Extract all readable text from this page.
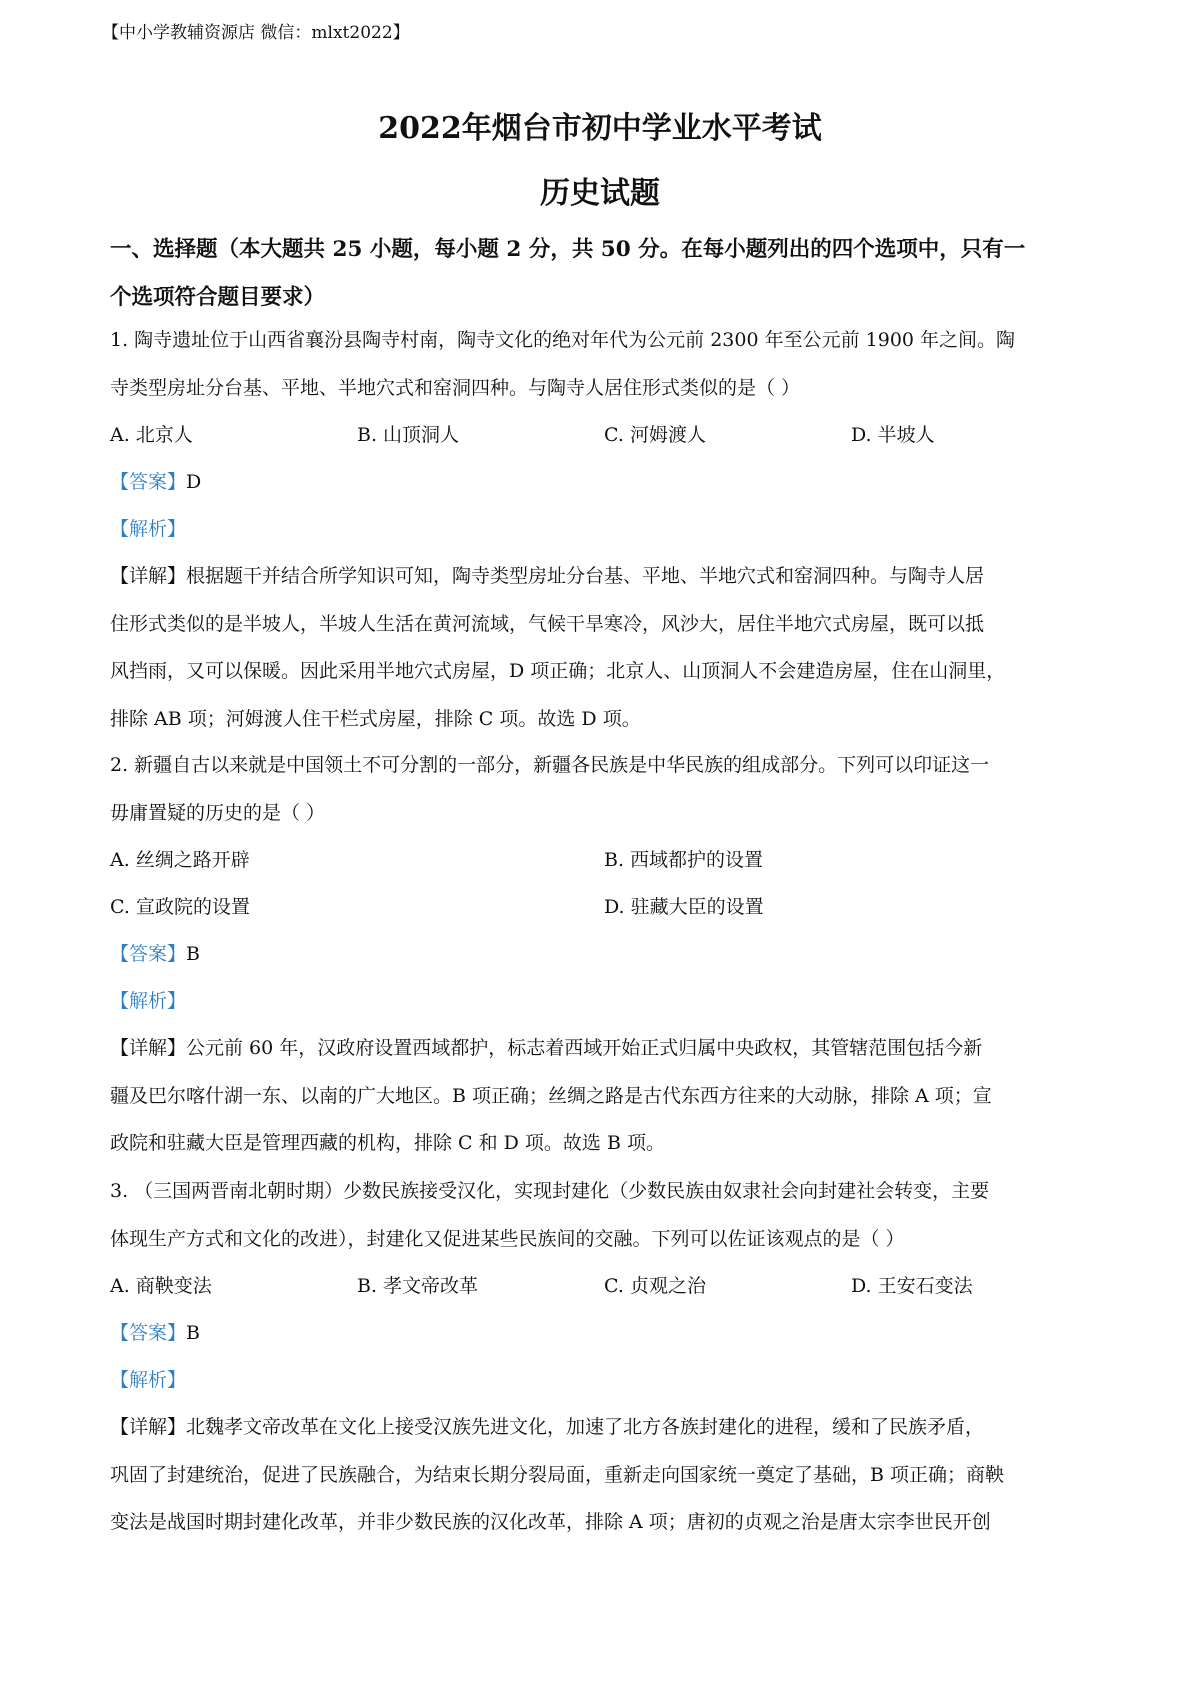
【中小学教辅资源店 微信：mlxt2022】
2022年烟台市初中学业水平考试
历史试题
一、选择题（本大题共 25 小题，每小题 2 分，共 50 分。在每小题列出的四个选项中，只有一
个选项符合题目要求）
1. 陶寺遗址位于山西省襄汾县陶寺村南，陶寺文化的绝对年代为公元前 2300 年至公元前 1900 年之间。陶
寺类型房址分台基、平地、半地穴式和窑洞四种。与陶寺人居住形式类似的是（ ）
A. 北京人	B. 山顶洞人	C. 河姆渡人	D. 半坡人
【答案】D
【解析】
【详解】根据题干并结合所学知识可知，陶寺类型房址分台基、平地、半地穴式和窑洞四种。与陶寺人居
住形式类似的是半坡人，半坡人生活在黄河流域，气候干旱寒冷，风沙大，居住半地穴式房屋，既可以抵
风挡雨，又可以保暖。因此采用半地穴式房屋，D 项正确；北京人、山顶洞人不会建造房屋，住在山洞里，
排除 AB 项；河姆渡人住干栏式房屋，排除 C 项。故选 D 项。
2. 新疆自古以来就是中国领土不可分割的一部分，新疆各民族是中华民族的组成部分。下列可以印证这一
毋庸置疑的历史的是（ ）
A. 丝绸之路开辟	B. 西域都护的设置
C. 宣政院的设置	D. 驻藏大臣的设置
【答案】B
【解析】
【详解】公元前 60 年，汉政府设置西域都护，标志着西域开始正式归属中央政权，其管辖范围包括今新
疆及巴尔喀什湖一东、以南的广大地区。B 项正确；丝绸之路是古代东西方往来的大动脉，排除 A 项；宣
政院和驻藏大臣是管理西藏的机构，排除 C 和 D 项。故选 B 项。
3. （三国两晋南北朝时期）少数民族接受汉化，实现封建化（少数民族由奴隶社会向封建社会转变，主要
体现生产方式和文化的改进），封建化又促进某些民族间的交融。下列可以佐证该观点的是（ ）
A. 商鞅变法	B. 孝文帝改革	C. 贞观之治	D. 王安石变法
【答案】B
【解析】
【详解】北魏孝文帝改革在文化上接受汉族先进文化，加速了北方各族封建化的进程，缓和了民族矛盾，
巩固了封建统治，促进了民族融合，为结束长期分裂局面，重新走向国家统一奠定了基础，B 项正确；商鞅
变法是战国时期封建化改革，并非少数民族的汉化改革，排除 A 项；唐初的贞观之治是唐太宗李世民开创
